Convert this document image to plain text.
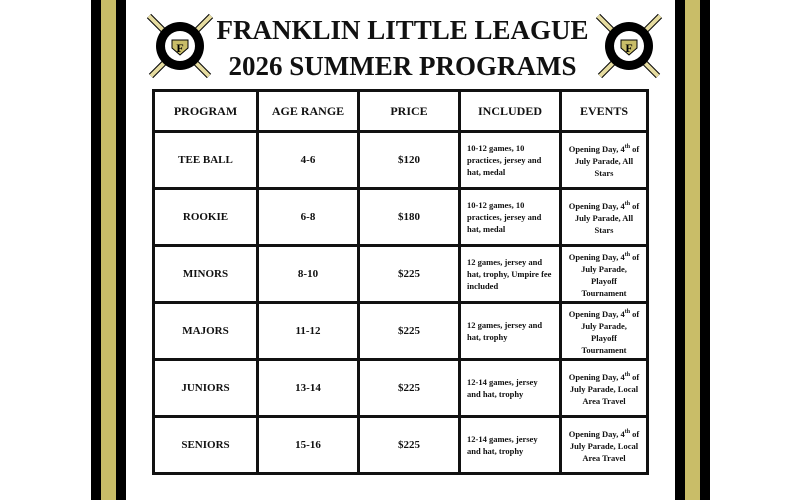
FRANKLIN LITTLE LEAGUE
2026 SUMMER PROGRAMS
F	F
PROGRAM	AGE RANGE	PRICE	INCLUDED	EVENTS
TEE BALL	4-6	$120	10-12 games, 10 practices, jersey and hat, medal	Opening Day, 4th of July Parade, All Stars
ROOKIE	6-8	$180	10-12 games, 10 practices, jersey and hat, medal	Opening Day, 4th of July Parade, All Stars
MINORS	8-10	$225	12 games, jersey and hat, trophy, Umpire fee included	Opening Day, 4th of July Parade, Playoff Tournament
MAJORS	11-12	$225	12 games, jersey and hat, trophy	Opening Day, 4th of July Parade, Playoff Tournament
JUNIORS	13-14	$225	12-14 games, jersey and hat, trophy	Opening Day, 4th of July Parade, Local Area Travel
SENIORS	15-16	$225	12-14 games, jersey and hat, trophy	Opening Day, 4th of July Parade, Local Area Travel
